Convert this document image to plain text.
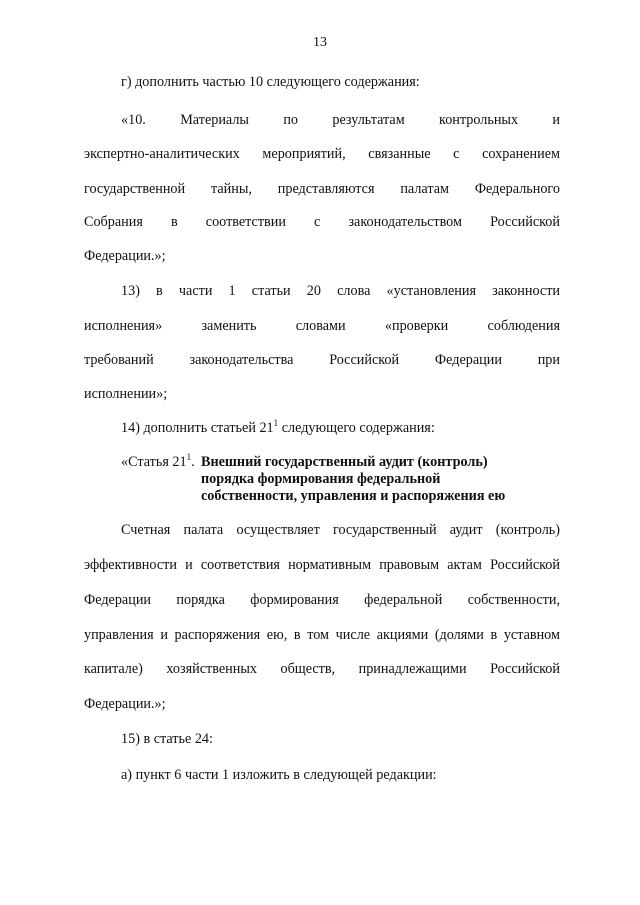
13
г) дополнить частью 10 следующего содержания:
«10. Материалы по результатам контрольных и
экспертно-аналитических мероприятий, связанные с сохранением
государственной тайны, представляются палатам Федерального
Собрания в соответствии с законодательством Российской
Федерации.»;
13) в части 1 статьи 20 слова «установления законности
исполнения» заменить словами «проверки соблюдения
требований законодательства Российской Федерации при
исполнении»;
14) дополнить статьей $21^1$ следующего содержания:
«Статья $21^1$. Внешний государственный аудит (контроль)
порядка формирования федеральной
собственности, управления и распоряжения ею
Счетная палата осуществляет государственный аудит (контроль)
эффективности и соответствия нормативным правовым актам Российской
Федерации порядка формирования федеральной собственности,
управления и распоряжения ею, в том числе акциями (долями в уставном
капитале) хозяйственных обществ, принадлежащими Российской
Федерации.»;
15) в статье 24:
а) пункт 6 части 1 изложить в следующей редакции:
